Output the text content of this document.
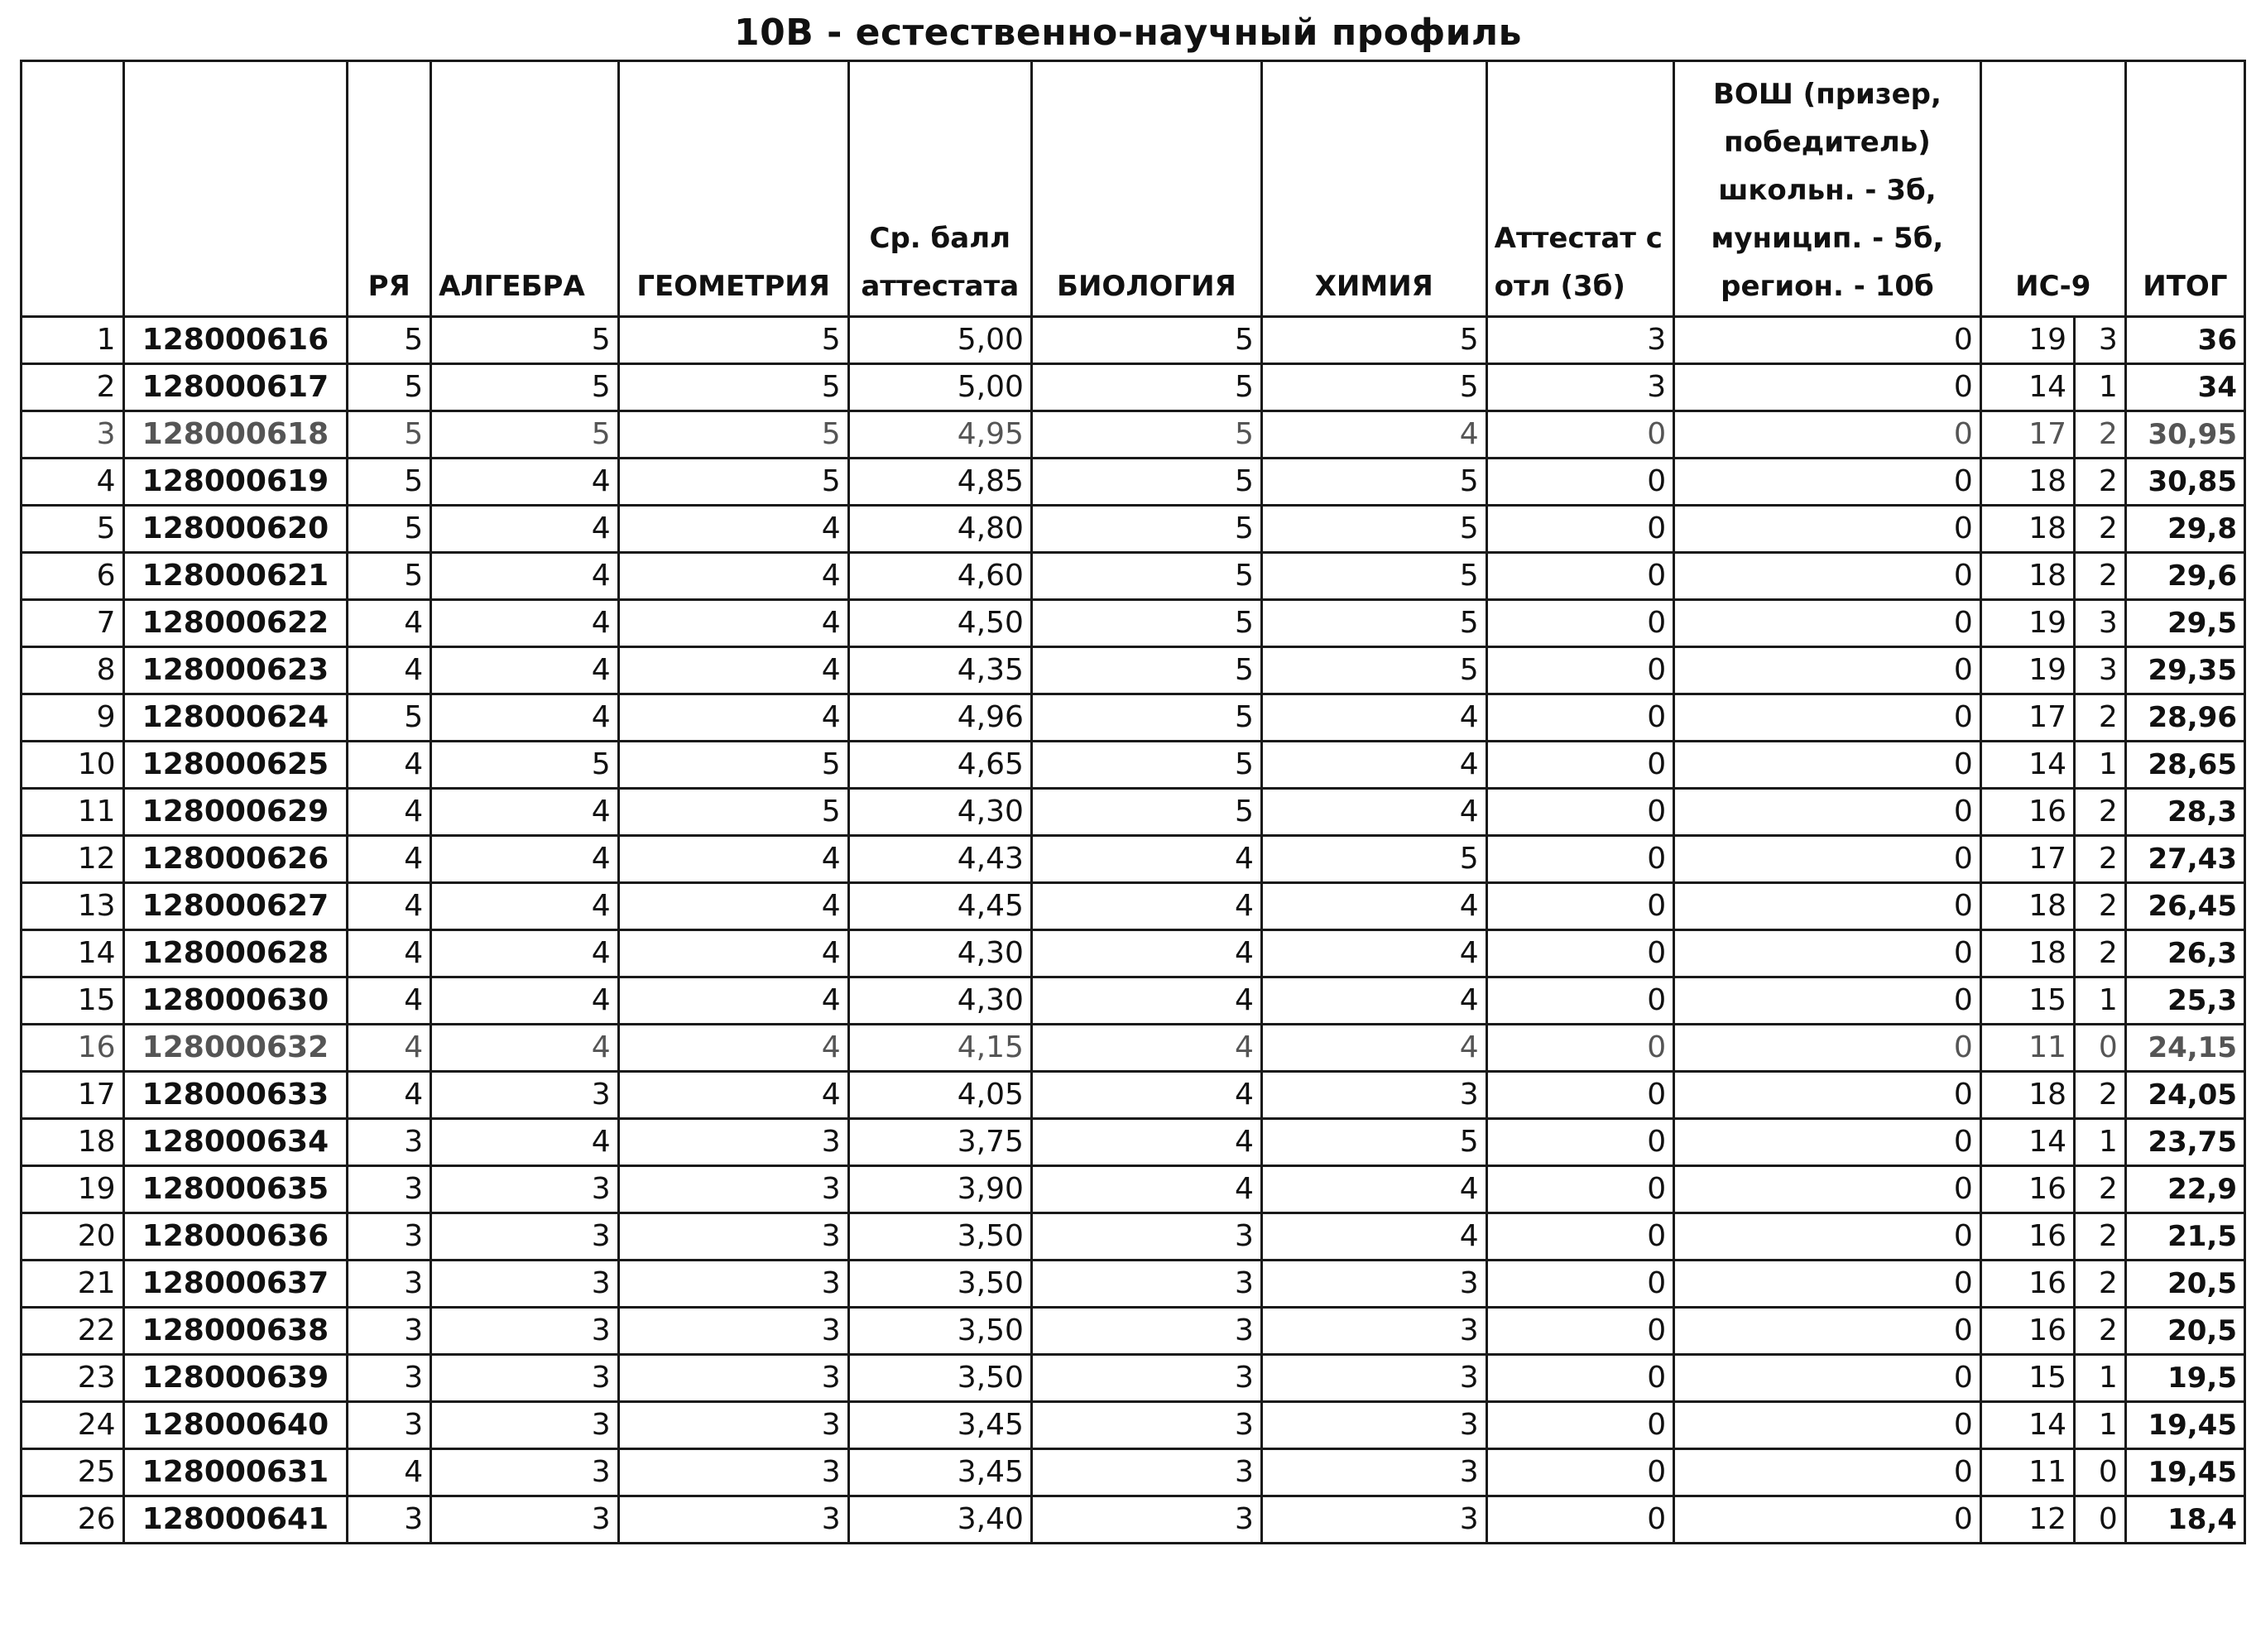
10В - естественно-научный профиль
		РЯ	АЛГЕБРА	ГЕОМЕТРИЯ	Ср. балл аттестата	БИОЛОГИЯ	ХИМИЯ	Аттестат с отл (3б)	ВОШ (призер, победитель) школьн. - 3б, муницип. - 5б, регион. - 10б	ИС-9		ИТОГ
1	128000616	5	5	5	5,00	5	5	3	0	19	3	36
2	128000617	5	5	5	5,00	5	5	3	0	14	1	34
3	128000618	5	5	5	4,95	5	4	0	0	17	2	30,95
4	128000619	5	4	5	4,85	5	5	0	0	18	2	30,85
5	128000620	5	4	4	4,80	5	5	0	0	18	2	29,8
6	128000621	5	4	4	4,60	5	5	0	0	18	2	29,6
7	128000622	4	4	4	4,50	5	5	0	0	19	3	29,5
8	128000623	4	4	4	4,35	5	5	0	0	19	3	29,35
9	128000624	5	4	4	4,96	5	4	0	0	17	2	28,96
10	128000625	4	5	5	4,65	5	4	0	0	14	1	28,65
11	128000629	4	4	5	4,30	5	4	0	0	16	2	28,3
12	128000626	4	4	4	4,43	4	5	0	0	17	2	27,43
13	128000627	4	4	4	4,45	4	4	0	0	18	2	26,45
14	128000628	4	4	4	4,30	4	4	0	0	18	2	26,3
15	128000630	4	4	4	4,30	4	4	0	0	15	1	25,3
16	128000632	4	4	4	4,15	4	4	0	0	11	0	24,15
17	128000633	4	3	4	4,05	4	3	0	0	18	2	24,05
18	128000634	3	4	3	3,75	4	5	0	0	14	1	23,75
19	128000635	3	3	3	3,90	4	4	0	0	16	2	22,9
20	128000636	3	3	3	3,50	3	4	0	0	16	2	21,5
21	128000637	3	3	3	3,50	3	3	0	0	16	2	20,5
22	128000638	3	3	3	3,50	3	3	0	0	16	2	20,5
23	128000639	3	3	3	3,50	3	3	0	0	15	1	19,5
24	128000640	3	3	3	3,45	3	3	0	0	14	1	19,45
25	128000631	4	3	3	3,45	3	3	0	0	11	0	19,45
26	128000641	3	3	3	3,40	3	3	0	0	12	0	18,4
